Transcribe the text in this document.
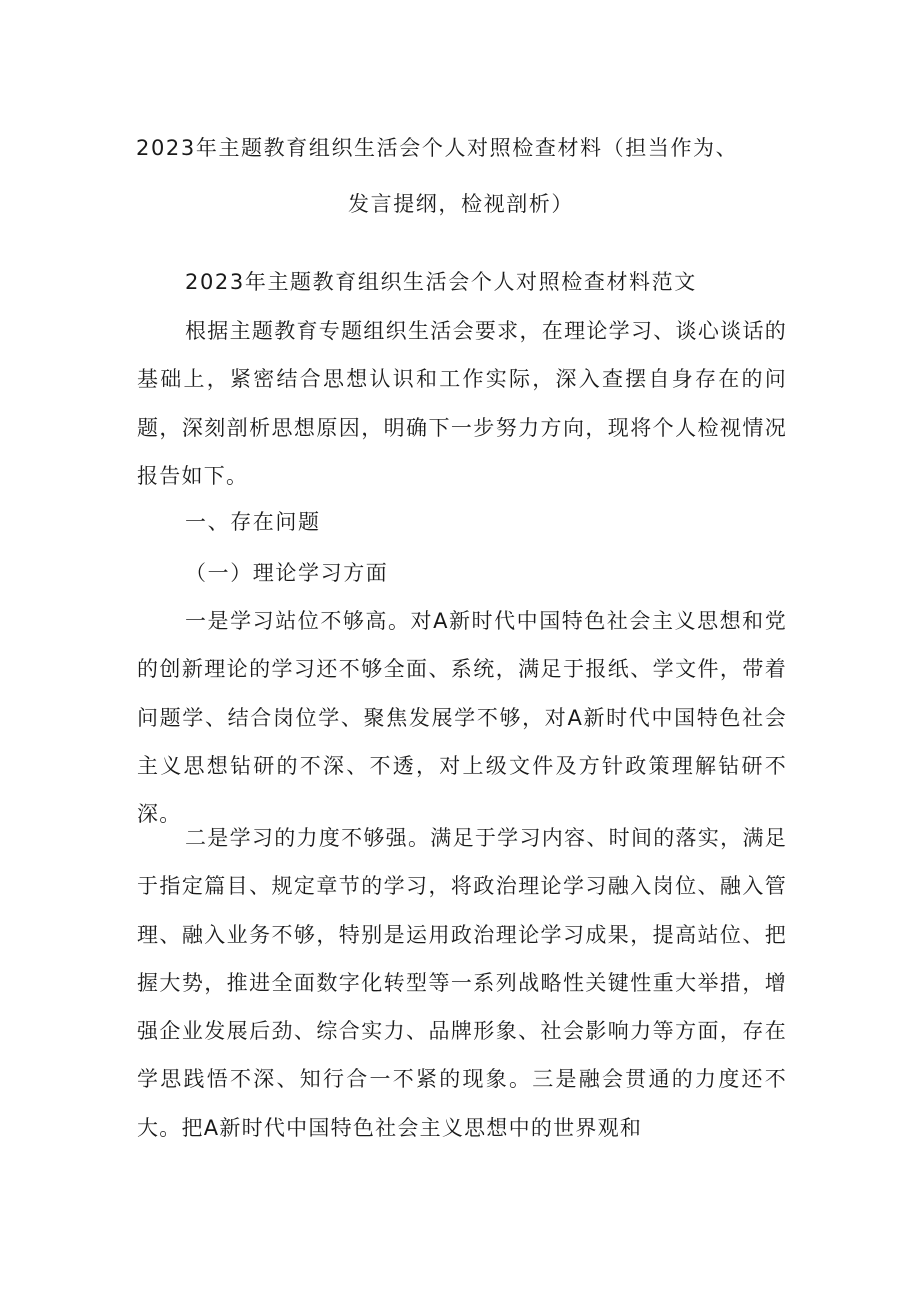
2023年主题教育组织生活会个人对照检查材料（担当作为、
发言提纲，检视剖析）
2023年主题教育组织生活会个人对照检查材料范文

根据主题教育专题组织生活会要求，在理论学习、谈心谈话的基础上，紧密结合思想认识和工作实际，深入查摆自身存在的问题，深刻剖析思想原因，明确下一步努力方向，现将个人检视情况报告如下。

一、存在问题
（一）理论学习方面

一是学习站位不够高。对A新时代中国特色社会主义思想和党的创新理论的学习还不够全面、系统，满足于报纸、学文件，带着问题学、结合岗位学、聚焦发展学不够，对A新时代中国特色社会主义思想钻研的不深、不透，对上级文件及方针政策理解钻研不深。

二是学习的力度不够强。满足于学习内容、时间的落实，满足于指定篇目、规定章节的学习，将政治理论学习融入岗位、融入管理、融入业务不够，特别是运用政治理论学习成果，提高站位、把握大势，推进全面数字化转型等一系列战略性关键性重大举措，增强企业发展后劲、综合实力、品牌形象、社会影响力等方面，存在学思践悟不深、知行合一不紧的现象。三是融会贯通的力度还不大。把A新时代中国特色社会主义思想中的世界观和
